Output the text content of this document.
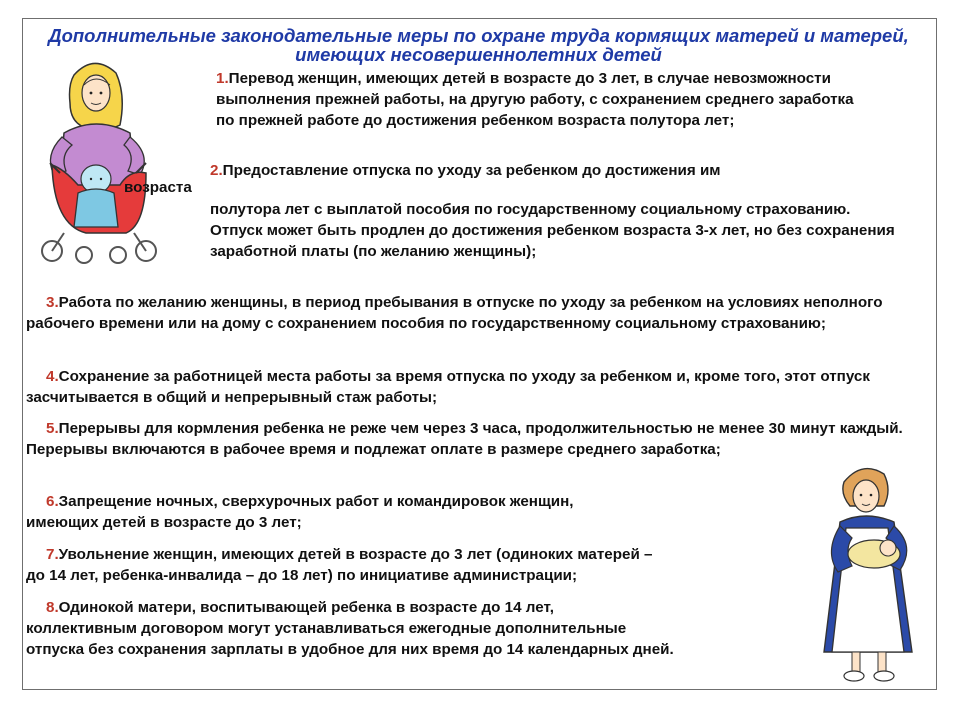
Дополнительные законодательные меры по охране труда кормящих матерей и матерей, имеющих несовершеннолетних детей
1.Перевод женщин, имеющих детей в возрасте до 3 лет, в случае невозможности выполнения прежней работы, на другую работу, с сохранением среднего заработка по прежней работе до достижения ребенком возраста полутора лет;
2.Предоставление отпуска по уходу за ребенком до достижения им
возраста
полутора лет с выплатой пособия по государственному социальному страхованию. Отпуск может быть продлен до достижения ребенком возраста 3-х лет, но без сохранения заработной платы (по желанию женщины);
3.Работа по желанию женщины, в период пребывания в отпуске по уходу за ребенком на условиях неполного рабочего времени или на дому с сохранением пособия по государственному социальному страхованию;
4.Сохранение за работницей места работы за время отпуска по уходу за ребенком и, кроме того, этот отпуск засчитывается в общий и непрерывный стаж работы;
5.Перерывы для кормления ребенка не реже чем через 3 часа, продолжительностью не менее 30 минут каждый. Перерывы включаются в рабочее время и подлежат оплате в размере среднего заработка;
6.Запрещение ночных, сверхурочных работ и командировок женщин,
имеющих детей в возрасте до 3 лет;
7.Увольнение женщин, имеющих детей в возрасте до 3 лет (одиноких матерей –
до 14 лет, ребенка-инвалида – до 18 лет) по инициативе администрации;
8.Одинокой матери, воспитывающей ребенка в возрасте до 14 лет,
коллективным договором могут устанавливаться ежегодные дополнительные
отпуска без сохранения зарплаты в удобное для них время до 14 календарных дней.
